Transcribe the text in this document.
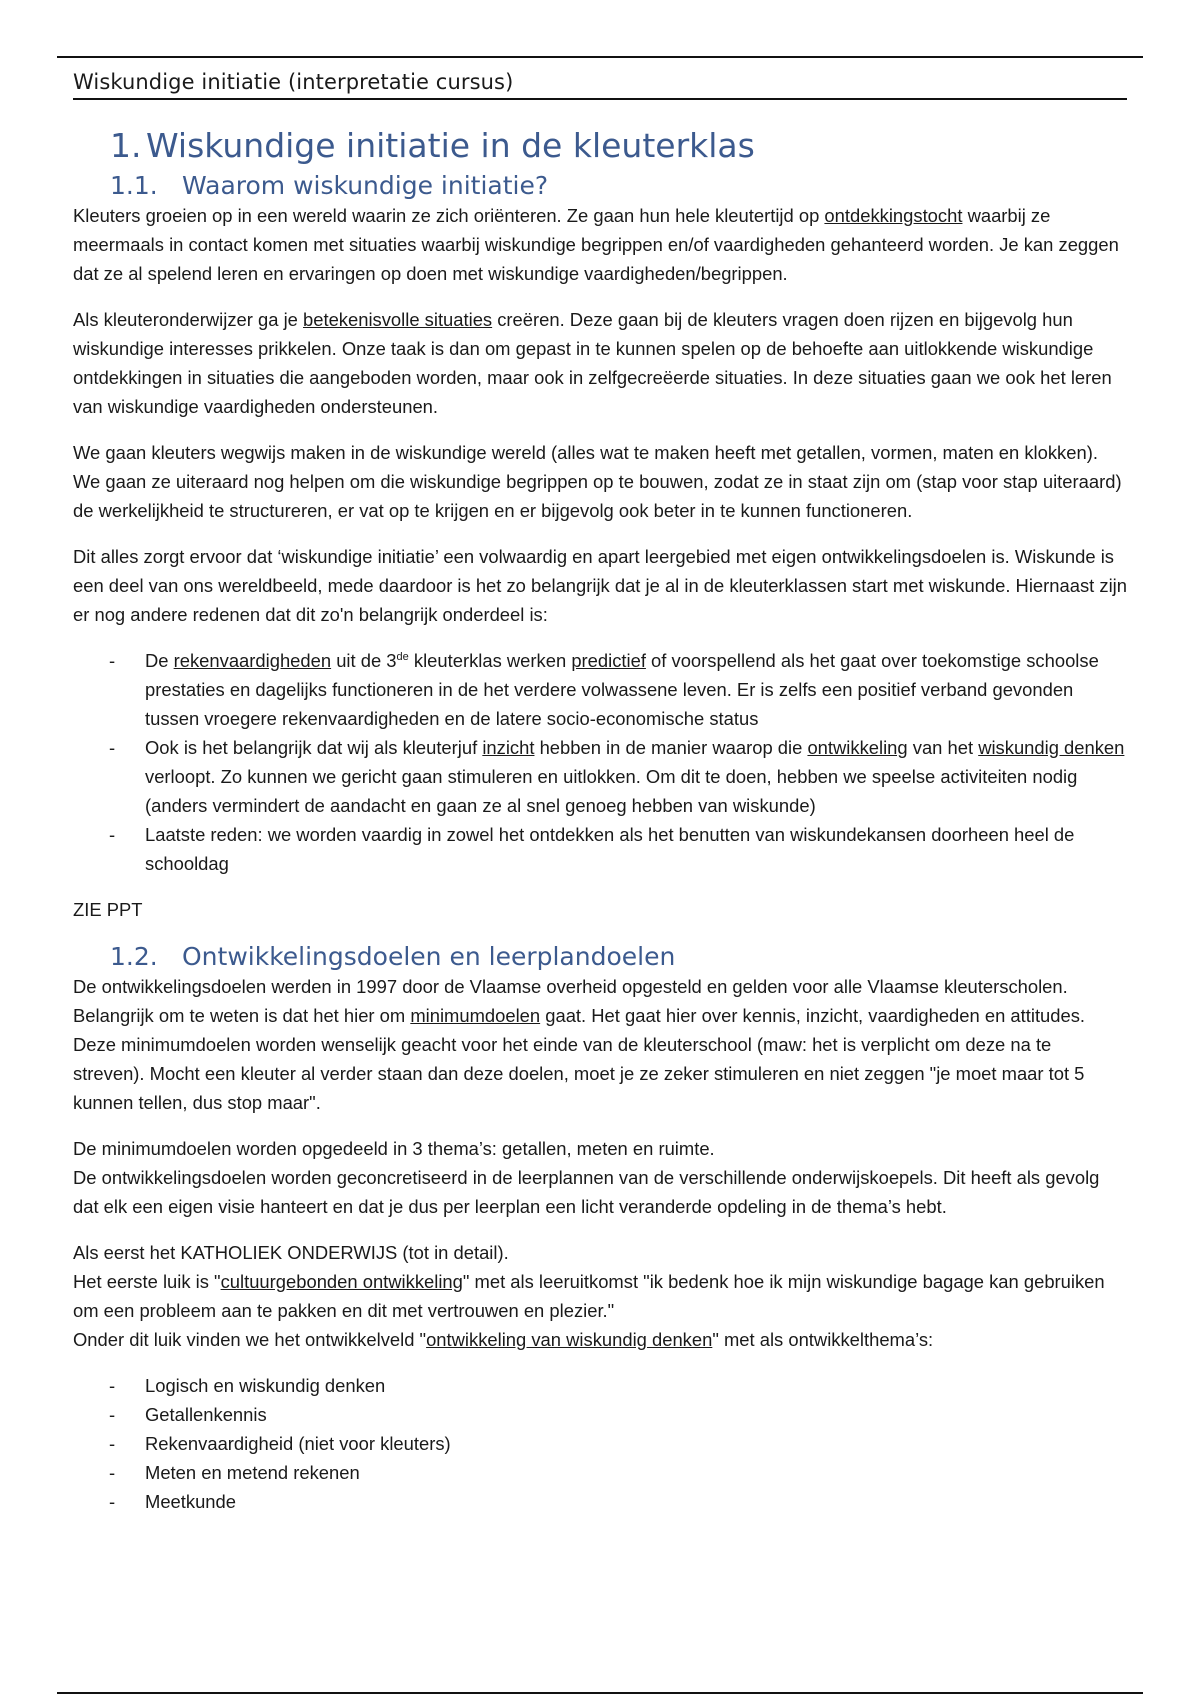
Wiskundige initiatie (interpretatie cursus)
1. Wiskundige initiatie in de kleuterklas
1.1. Waarom wiskundige initiatie?

Kleuters groeien op in een wereld waarin ze zich oriënteren. Ze gaan hun hele kleutertijd op ontdekkingstocht waarbij ze meermaals in contact komen met situaties waarbij wiskundige begrippen en/of vaardigheden gehanteerd worden. Je kan zeggen dat ze al spelend leren en ervaringen op doen met wiskundige vaardigheden/begrippen.

Als kleuteronderwijzer ga je betekenisvolle situaties creëren. Deze gaan bij de kleuters vragen doen rijzen en bijgevolg hun wiskundige interesses prikkelen. Onze taak is dan om gepast in te kunnen spelen op de behoefte aan uitlokkende wiskundige ontdekkingen in situaties die aangeboden worden, maar ook in zelfgecreëerde situaties. In deze situaties gaan we ook het leren van wiskundige vaardigheden ondersteunen.

We gaan kleuters wegwijs maken in de wiskundige wereld (alles wat te maken heeft met getallen, vormen, maten en klokken). We gaan ze uiteraard nog helpen om die wiskundige begrippen op te bouwen, zodat ze in staat zijn om (stap voor stap uiteraard) de werkelijkheid te structureren, er vat op te krijgen en er bijgevolg ook beter in te kunnen functioneren.

Dit alles zorgt ervoor dat ‘wiskundige initiatie’ een volwaardig en apart leergebied met eigen ontwikkelingsdoelen is. Wiskunde is een deel van ons wereldbeeld, mede daardoor is het zo belangrijk dat je al in de kleuterklassen start met wiskunde. Hiernaast zijn er nog andere redenen dat dit zo'n belangrijk onderdeel is:

- De rekenvaardigheden uit de 3de kleuterklas werken predictief of voorspellend als het gaat over toekomstige schoolse prestaties en dagelijks functioneren in de het verdere volwassene leven. Er is zelfs een positief verband gevonden tussen vroegere rekenvaardigheden en de latere socio-economische status
- Ook is het belangrijk dat wij als kleuterjuf inzicht hebben in de manier waarop die ontwikkeling van het wiskundig denken verloopt. Zo kunnen we gericht gaan stimuleren en uitlokken. Om dit te doen, hebben we speelse activiteiten nodig (anders vermindert de aandacht en gaan ze al snel genoeg hebben van wiskunde)
- Laatste reden: we worden vaardig in zowel het ontdekken als het benutten van wiskundekansen doorheen heel de schooldag

ZIE PPT

1.2. Ontwikkelingsdoelen en leerplandoelen

De ontwikkelingsdoelen werden in 1997 door de Vlaamse overheid opgesteld en gelden voor alle Vlaamse kleuterscholen. Belangrijk om te weten is dat het hier om minimumdoelen gaat. Het gaat hier over kennis, inzicht, vaardigheden en attitudes. Deze minimumdoelen worden wenselijk geacht voor het einde van de kleuterschool (maw: het is verplicht om deze na te streven). Mocht een kleuter al verder staan dan deze doelen, moet je ze zeker stimuleren en niet zeggen "je moet maar tot 5 kunnen tellen, dus stop maar".

De minimumdoelen worden opgedeeld in 3 thema’s: getallen, meten en ruimte.

De ontwikkelingsdoelen worden geconcretiseerd in de leerplannen van de verschillende onderwijskoepels. Dit heeft als gevolg dat elk een eigen visie hanteert en dat je dus per leerplan een licht veranderde opdeling in de thema’s hebt.

Als eerst het KATHOLIEK ONDERWIJS (tot in detail).

Het eerste luik is "cultuurgebonden ontwikkeling" met als leeruitkomst "ik bedenk hoe ik mijn wiskundige bagage kan gebruiken om een probleem aan te pakken en dit met vertrouwen en plezier."

Onder dit luik vinden we het ontwikkelveld "ontwikkeling van wiskundig denken" met als ontwikkelthema’s:

- Logisch en wiskundig denken
- Getallenkennis
- Rekenvaardigheid (niet voor kleuters)
- Meten en metend rekenen
- Meetkunde
